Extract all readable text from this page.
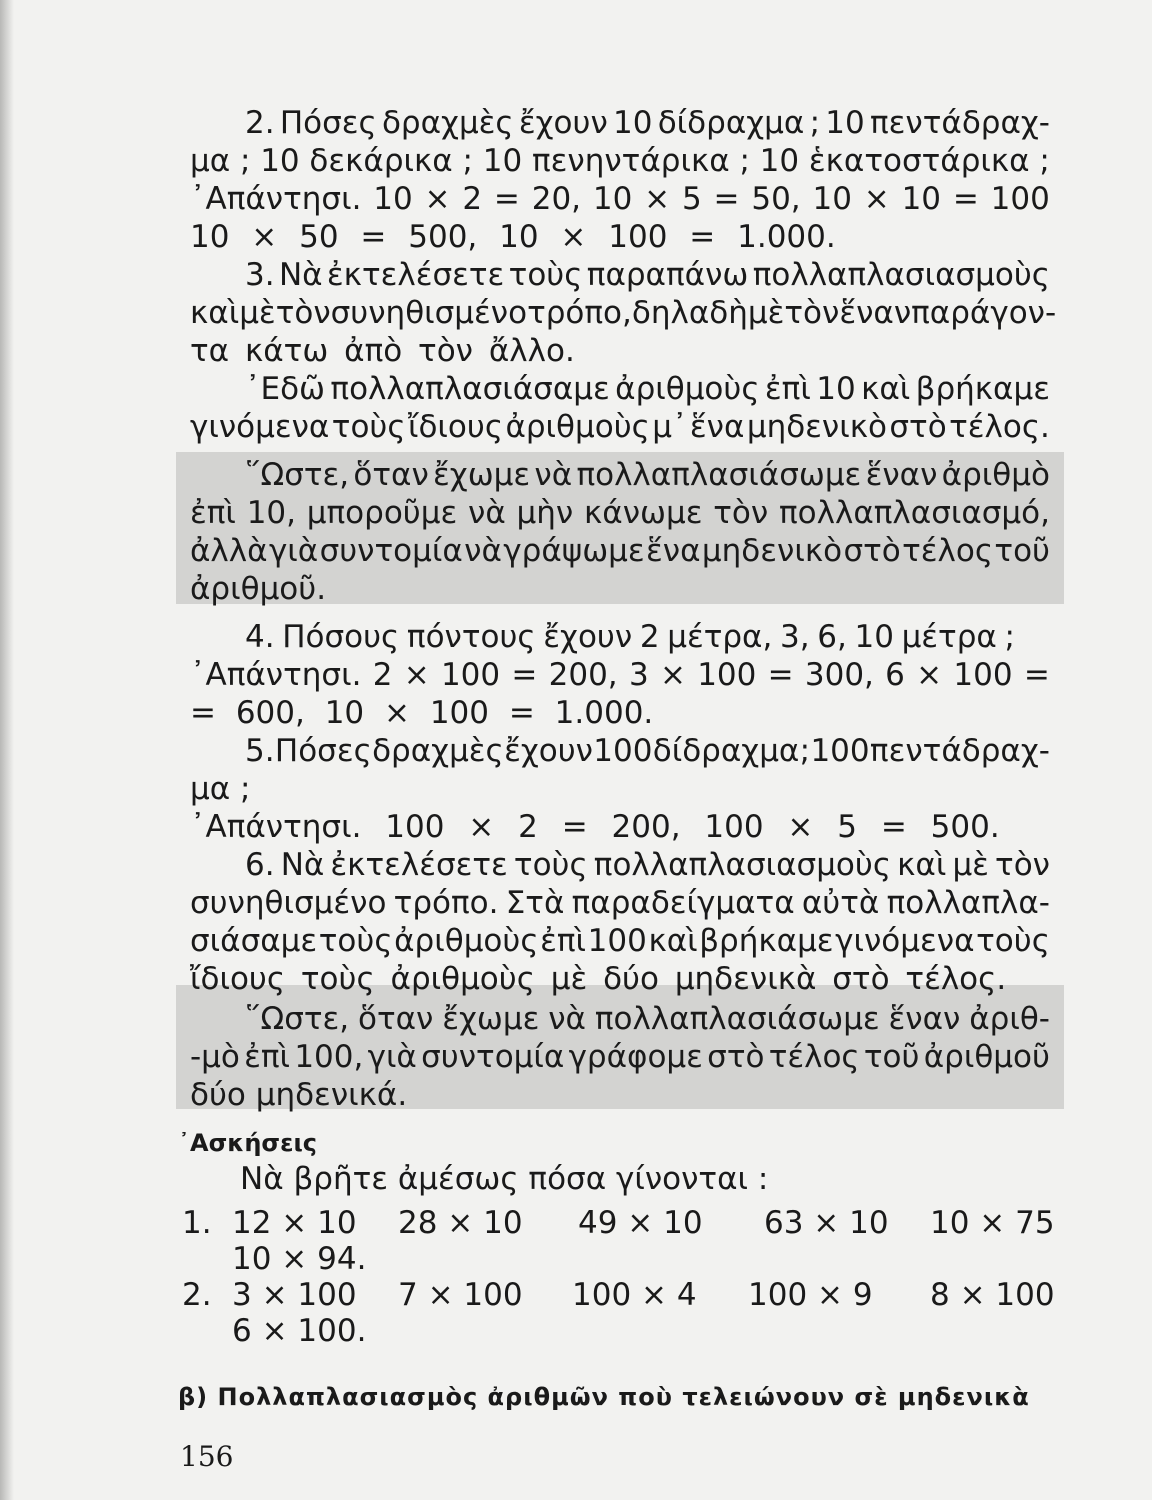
2. Πόσες δραχμὲς ἔχουν 10 δίδραχμα ; 10 πεντάδραχ-
μα ; 10 δεκάρικα ; 10 πενηντάρικα ; 10 ἑκατοστάρικα ;
᾽Απάντησι. 10 × 2 = 20, 10 × 5 = 50, 10 × 10 = 100
10 × 50 = 500, 10 × 100 = 1.000.
3. Νὰ ἐκτελέσετε τοὺς παραπάνω πολλαπλασιασμοὺς
καὶ μὲ τὸν συνηθισμένο τρόπο, δηλαδὴ μὲ τὸν ἕναν παράγον-
τα κάτω ἀπὸ τὸν ἄλλο.
᾽Εδῶ πολλαπλασιάσαμε ἀριθμοὺς ἐπὶ 10 καὶ βρήκαμε
γινόμενα τοὺς ἴδιους ἀριθμοὺς μ᾽ ἕνα μηδενικὸ στὸ τέλος.
῞Ωστε, ὅταν ἔχωμε νὰ πολλαπλασιάσωμε ἕναν ἀριθμὸ
ἐπὶ 10, μποροῦμε νὰ μὴν κάνωμε τὸν πολλαπλασιασμό,
ἀλλὰ γιὰ συντομία νὰ γράψωμε ἕνα μηδενικὸ στὸ τέλος τοῦ
ἀριθμοῦ.
4. Πόσους πόντους ἔχουν 2 μέτρα, 3, 6, 10 μέτρα ;
᾽Απάντησι. 2 × 100 = 200, 3 × 100 = 300, 6 × 100 =
= 600, 10 × 100 = 1.000.
5. Πόσες δραχμὲς ἔχουν 100 δίδραχμα ; 100 πεντάδραχ-
μα ;
᾽Απάντησι. 100 × 2 = 200, 100 × 5 = 500.
6. Νὰ ἐκτελέσετε τοὺς πολλαπλασιασμοὺς καὶ μὲ τὸν
συνηθισμένο τρόπο. Στὰ παραδείγματα αὐτὰ πολλαπλα-
σιάσαμε τοὺς ἀριθμοὺς ἐπὶ 100 καὶ βρήκαμε γινόμενα τοὺς
ἴδιους τοὺς ἀριθμοὺς μὲ δύο μηδενικὰ στὸ τέλος.
῞Ωστε, ὅταν ἔχωμε νὰ πολλαπλασιάσωμε ἕναν ἀριθ-
-μὸ ἐπὶ 100, γιὰ συντομία γράφομε στὸ τέλος τοῦ ἀριθμοῦ
δύο μηδενικά.
᾽Ασκήσεις
Νὰ βρῆτε ἀμέσως πόσα γίνονται :
1. 12 × 10 28 × 10 49 × 10 63 × 10 10 × 75
10 × 94.
2. 3 × 100 7 × 100 100 × 4 100 × 9 8 × 100
6 × 100.
β) Πολλαπλασιασμὸς ἀριθμῶν ποὺ τελειώνουν σὲ μηδενικὰ
156
